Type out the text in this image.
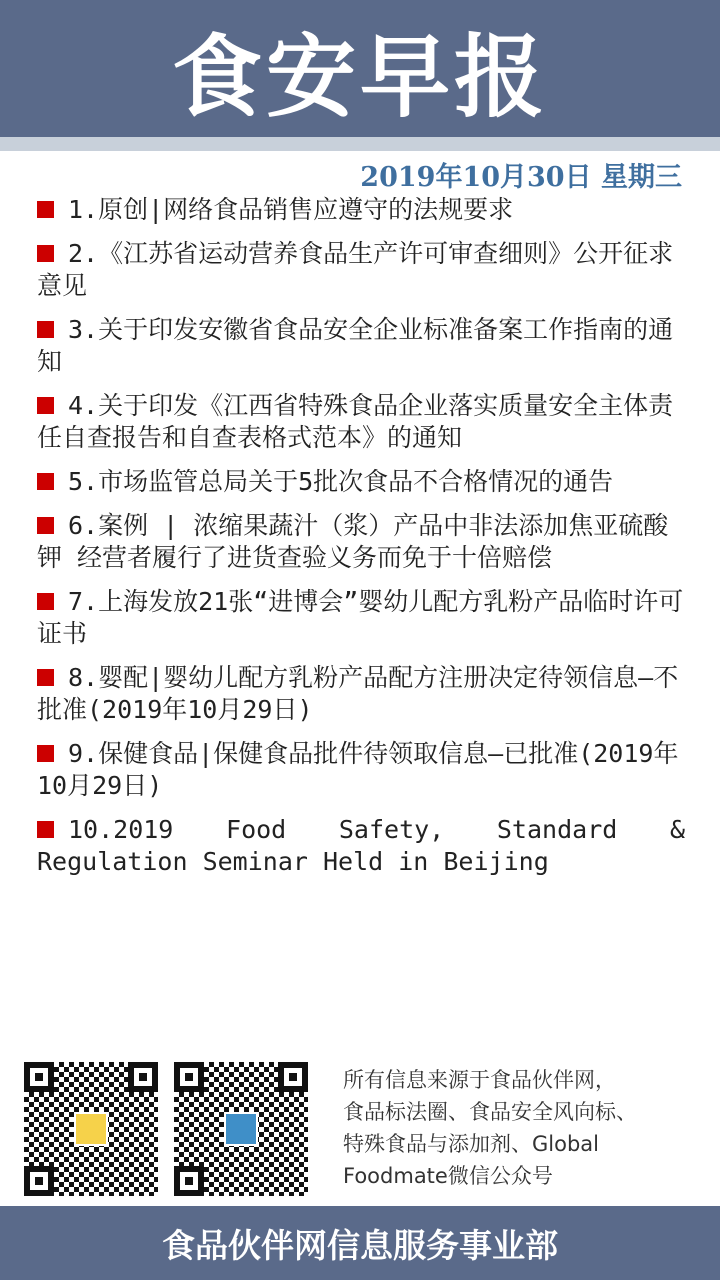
食安早报
2019年10月30日 星期三
1.原创|网络食品销售应遵守的法规要求
2.《江苏省运动营养食品生产许可审查细则》公开征求意见
3.关于印发安徽省食品安全企业标准备案工作指南的通知
4.关于印发《江西省特殊食品企业落实质量安全主体责任自查报告和自查表格式范本》的通知
5.市场监管总局关于5批次食品不合格情况的通告
6.案例 | 浓缩果蔬汁（浆）产品中非法添加焦亚硫酸钾 经营者履行了进货查验义务而免于十倍赔偿
7.上海发放21张“进博会”婴幼儿配方乳粉产品临时许可证书
8.婴配|婴幼儿配方乳粉产品配方注册决定待领信息—不批准(2019年10月29日)
9.保健食品|保健食品批件待领取信息—已批准(2019年10月29日)
10.2019 Food Safety, Standard & Regulation Seminar Held in Beijing
所有信息来源于食品伙伴网，
食品标法圈、食品安全风向标、
特殊食品与添加剂、Global
Foodmate微信公众号
食品伙伴网信息服务事业部
